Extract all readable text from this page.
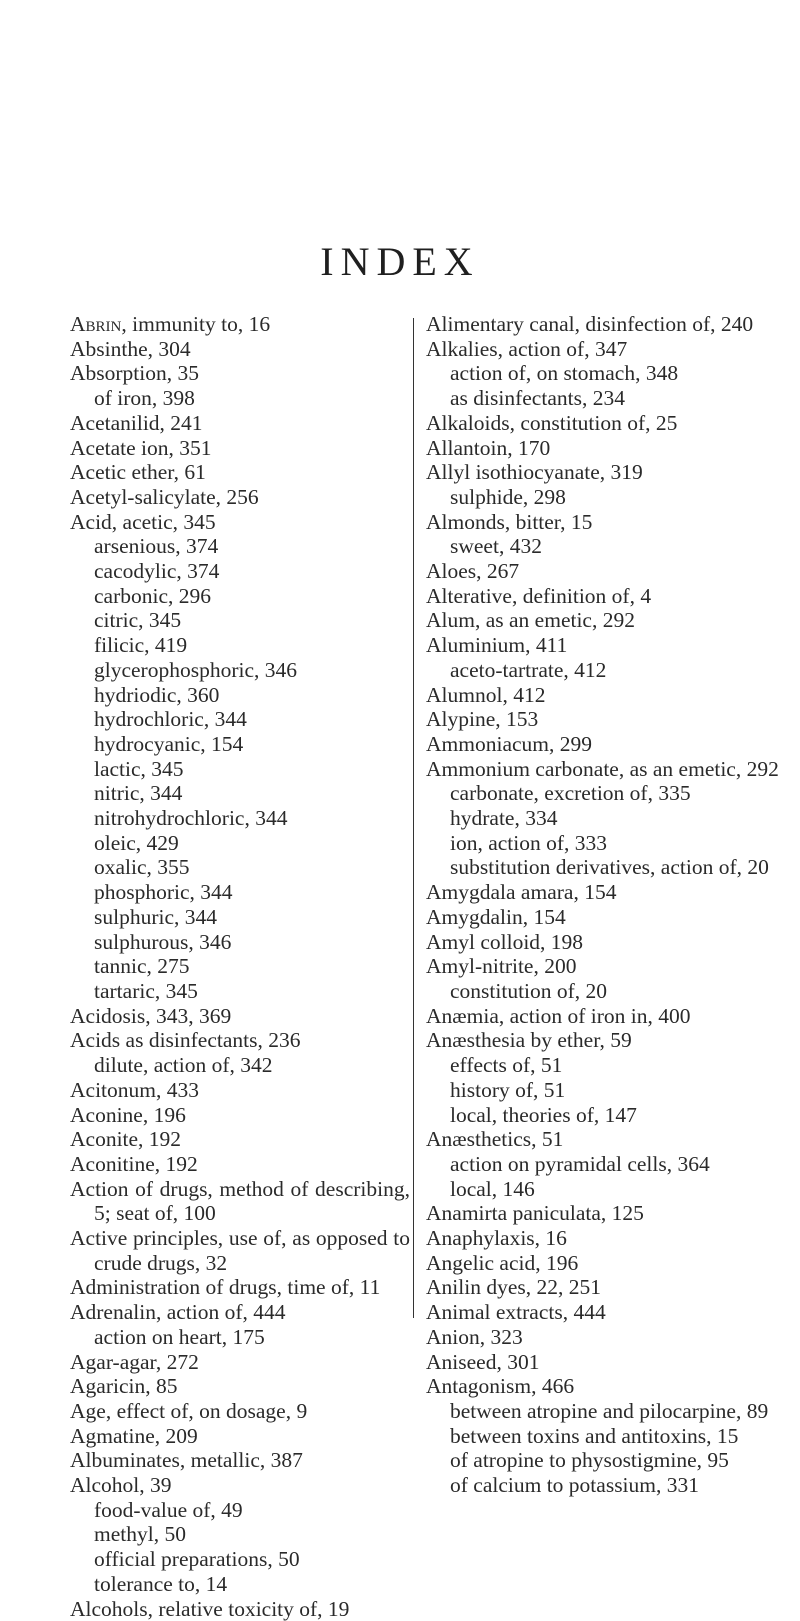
INDEX
Abrin, immunity to, 16
Absinthe, 304
Absorption, 35
of iron, 398
Acetanilid, 241
Acetate ion, 351
Acetic ether, 61
Acetyl-salicylate, 256
Acid, acetic, 345
arsenious, 374
cacodylic, 374
carbonic, 296
citric, 345
filicic, 419
glycerophosphoric, 346
hydriodic, 360
hydrochloric, 344
hydrocyanic, 154
lactic, 345
nitric, 344
nitrohydrochloric, 344
oleic, 429
oxalic, 355
phosphoric, 344
sulphuric, 344
sulphurous, 346
tannic, 275
tartaric, 345
Acidosis, 343, 369
Acids as disinfectants, 236
dilute, action of, 342
Acitonum, 433
Aconine, 196
Aconite, 192
Aconitine, 192
Action of drugs, method of describing, 5; seat of, 100
Active principles, use of, as opposed to crude drugs, 32
Administration of drugs, time of, 11
Adrenalin, action of, 444
action on heart, 175
Agar-agar, 272
Agaricin, 85
Age, effect of, on dosage, 9
Agmatine, 209
Albuminates, metallic, 387
Alcohol, 39
food-value of, 49
methyl, 50
official preparations, 50
tolerance to, 14
Alcohols, relative toxicity of, 19
Alimentary canal, disinfection of, 240
Alkalies, action of, 347
action of, on stomach, 348
as disinfectants, 234
Alkaloids, constitution of, 25
Allantoin, 170
Allyl isothiocyanate, 319
sulphide, 298
Almonds, bitter, 15
sweet, 432
Aloes, 267
Alterative, definition of, 4
Alum, as an emetic, 292
Aluminium, 411
aceto-tartrate, 412
Alumnol, 412
Alypine, 153
Ammoniacum, 299
Ammonium carbonate, as an emetic, 292
carbonate, excretion of, 335
hydrate, 334
ion, action of, 333
substitution derivatives, action of, 20
Amygdala amara, 154
Amygdalin, 154
Amyl colloid, 198
Amyl-nitrite, 200
constitution of, 20
Anæmia, action of iron in, 400
Anæsthesia by ether, 59
effects of, 51
history of, 51
local, theories of, 147
Anæsthetics, 51
action on pyramidal cells, 364
local, 146
Anamirta paniculata, 125
Anaphylaxis, 16
Angelic acid, 196
Anilin dyes, 22, 251
Animal extracts, 444
Anion, 323
Aniseed, 301
Antagonism, 466
between atropine and pilocarpine, 89
between toxins and antitoxins, 15
of atropine to physostigmine, 95
of calcium to potassium, 331
